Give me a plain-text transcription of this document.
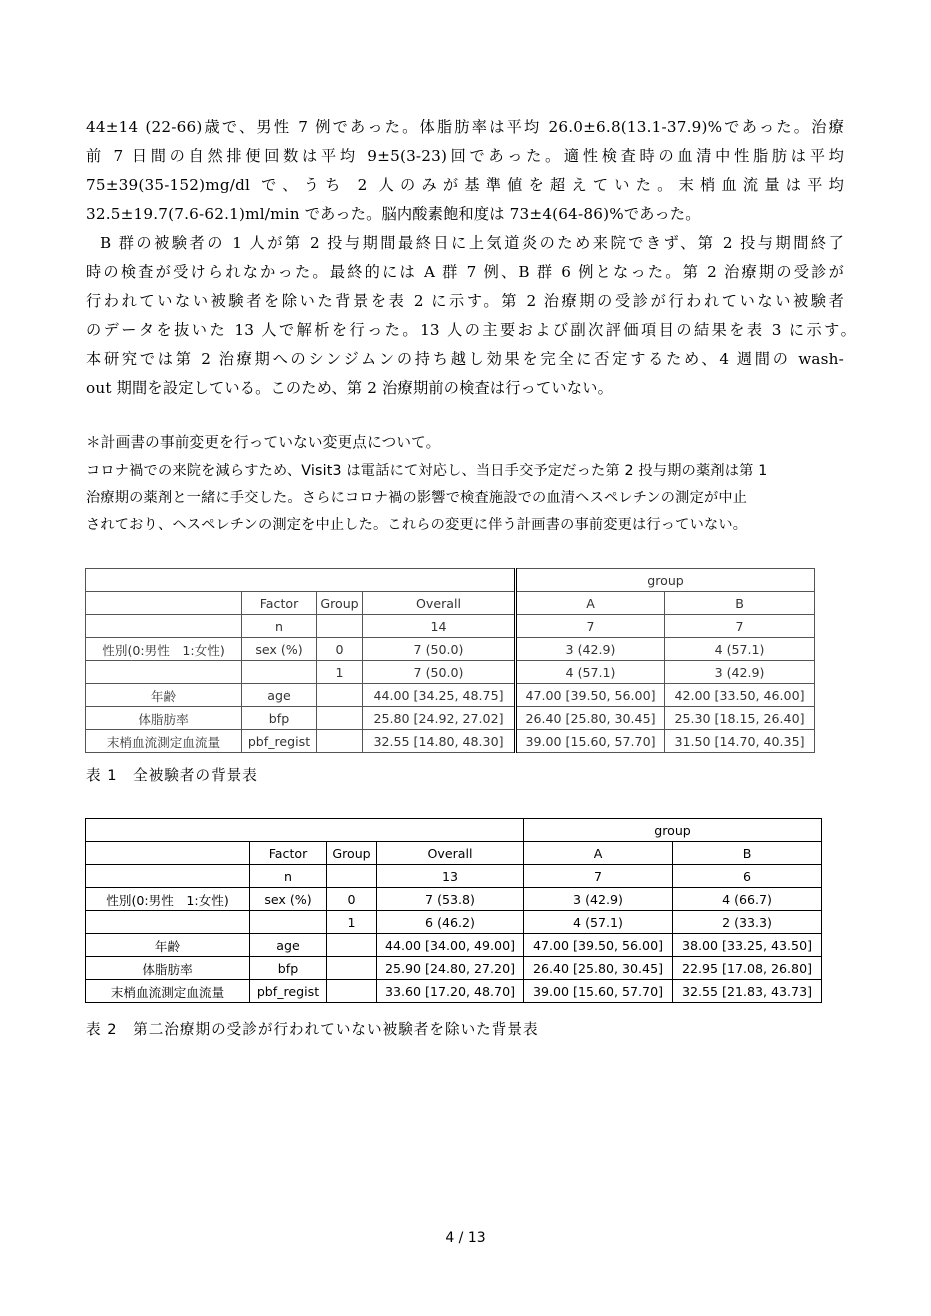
44±14 (22-66)歳で、男性 7 例であった。体脂肪率は平均 26.0±6.8(13.1-37.9)%であった。治療
前 7 日間の自然排便回数は平均 9±5(3-23)回であった。適性検査時の血清中性脂肪は平均
75±39(35-152)mg/dl で、うち 2 人のみが基準値を超えていた。末梢血流量は平均
32.5±19.7(7.6-62.1)ml/min であった。脳内酸素飽和度は 73±4(64-86)%であった。
B 群の被験者の 1 人が第 2 投与期間最終日に上気道炎のため来院できず、第 2 投与期間終了
時の検査が受けられなかった。最終的には A 群 7 例、B 群 6 例となった。第 2 治療期の受診が
行われていない被験者を除いた背景を表 2 に示す。第 2 治療期の受診が行われていない被験者
のデータを抜いた 13 人で解析を行った。13 人の主要および副次評価項目の結果を表 3 に示す。
本研究では第 2 治療期へのシンジムンの持ち越し効果を完全に否定するため、4 週間の wash-
out 期間を設定している。このため、第 2 治療期前の検査は行っていない。
＊計画書の事前変更を行っていない変更点について。
コロナ禍での来院を減らすため、Visit3 は電話にて対応し、当日手交予定だった第 2 投与期の薬剤は第 1
治療期の薬剤と一緒に手交した。さらにコロナ禍の影響で検査施設での血清ヘスペレチンの測定が中止
されており、ヘスペレチンの測定を中止した。これらの変更に伴う計画書の事前変更は行っていない。
				group	
	Factor	Group	Overall	A	B
	n		14	7	7
性別(0:男性　1:女性)	sex (%)	0	7 (50.0)	3 (42.9)	4 (57.1)
		1	7 (50.0)	4 (57.1)	3 (42.9)
年齢	age		44.00 [34.25, 48.75]	47.00 [39.50, 56.00]	42.00 [33.50, 46.00]
体脂肪率	bfp		25.80 [24.92, 27.02]	26.40 [25.80, 30.45]	25.30 [18.15, 26.40]
末梢血流測定血流量	pbf_regist		32.55 [14.80, 48.30]	39.00 [15.60, 57.70]	31.50 [14.70, 40.35]
表 1　全被験者の背景表
				group	
	Factor	Group	Overall	A	B
	n		13	7	6
性別(0:男性　1:女性)	sex (%)	0	7 (53.8)	3 (42.9)	4 (66.7)
		1	6 (46.2)	4 (57.1)	2 (33.3)
年齢	age		44.00 [34.00, 49.00]	47.00 [39.50, 56.00]	38.00 [33.25, 43.50]
体脂肪率	bfp		25.90 [24.80, 27.20]	26.40 [25.80, 30.45]	22.95 [17.08, 26.80]
末梢血流測定血流量	pbf_regist		33.60 [17.20, 48.70]	39.00 [15.60, 57.70]	32.55 [21.83, 43.73]
表 2　第二治療期の受診が行われていない被験者を除いた背景表
4 / 13
